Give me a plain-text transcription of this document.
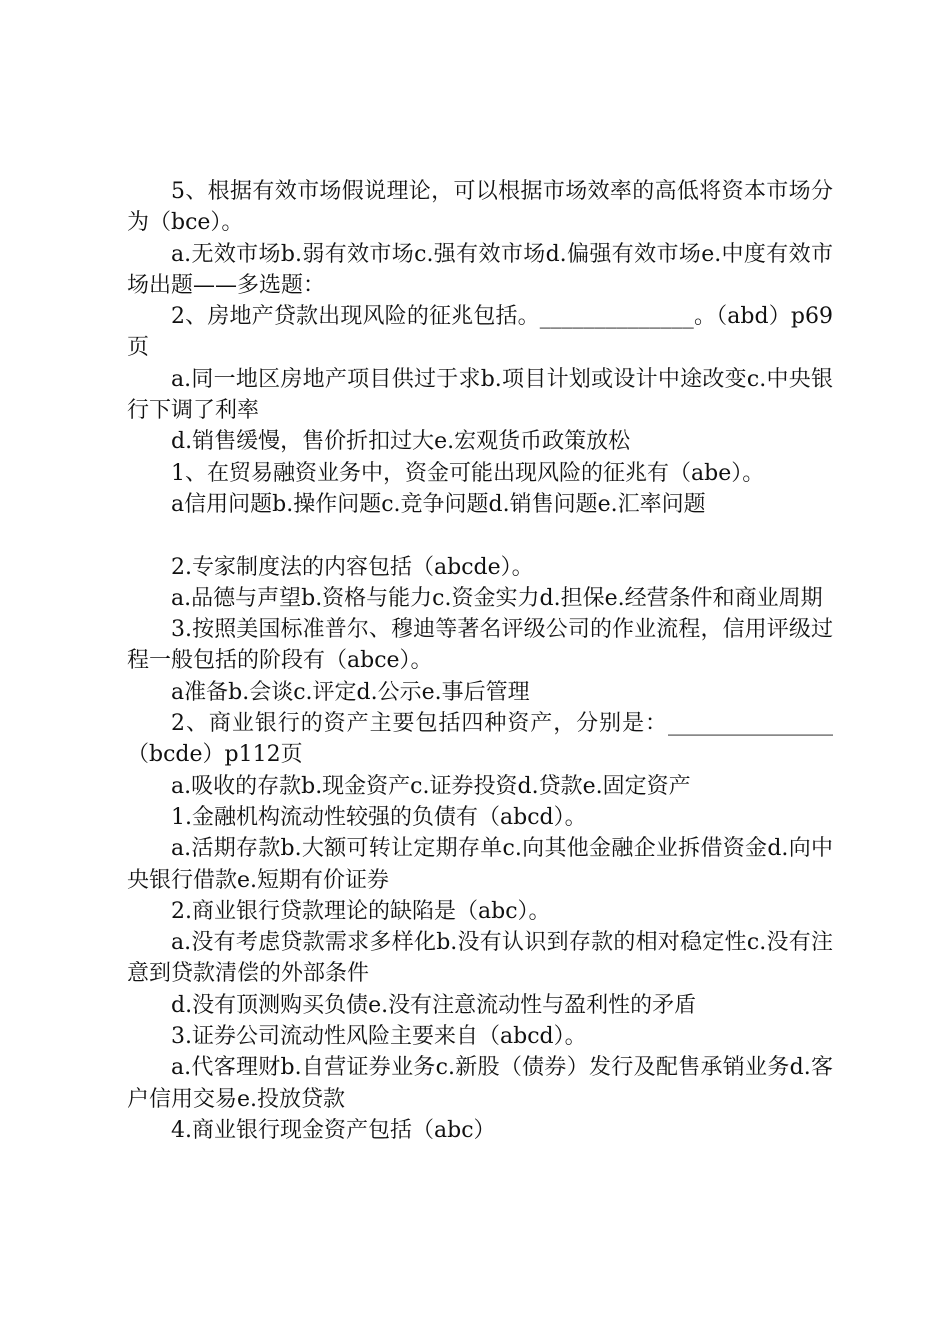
5、根据有效市场假说理论，可以根据市场效率的高低将资本市场分为（bce）。

a.无效市场b.弱有效市场c.强有效市场d.偏强有效市场e.中度有效市场出题——多选题：

2、房地产贷款出现风险的征兆包括。______________。（abd）p69页

a.同一地区房地产项目供过于求b.项目计划或设计中途改变c.中央银行下调了利率

d.销售缓慢，售价折扣过大e.宏观货币政策放松

1、在贸易融资业务中，资金可能出现风险的征兆有（abe）。

a信用问题b.操作问题c.竞争问题d.销售问题e.汇率问题

2.专家制度法的内容包括（abcde）。

a.品德与声望b.资格与能力c.资金实力d.担保e.经营条件和商业周期

3.按照美国标准普尔、穆迪等著名评级公司的作业流程，信用评级过程一般包括的阶段有（abce）。

a准备b.会谈c.评定d.公示e.事后管理

2、商业银行的资产主要包括四种资产，分别是：_______________（bcde）p112页

a.吸收的存款b.现金资产c.证券投资d.贷款e.固定资产

1.金融机构流动性较强的负债有（abcd）。

a.活期存款b.大额可转让定期存单c.向其他金融企业拆借资金d.向中央银行借款e.短期有价证券

2.商业银行贷款理论的缺陷是（abc）。

a.没有考虑贷款需求多样化b.没有认识到存款的相对稳定性c.没有注意到贷款清偿的外部条件

d.没有顶测购买负债e.没有注意流动性与盈利性的矛盾

3.证券公司流动性风险主要来自（abcd）。

a.代客理财b.自营证券业务c.新股（债券）发行及配售承销业务d.客户信用交易e.投放贷款

4.商业银行现金资产包括（abc）
